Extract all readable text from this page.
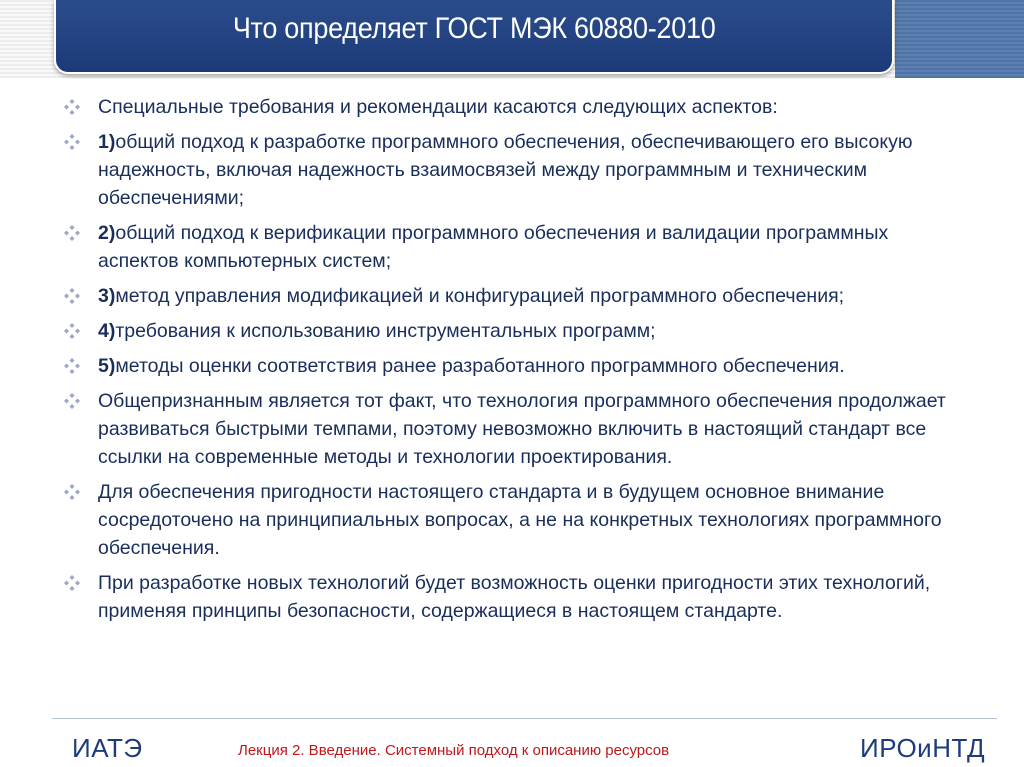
Что определяет ГОСТ МЭК 60880-2010
Специальные требования и рекомендации касаются следующих аспектов:
1)общий подход к разработке программного обеспечения, обеспечивающего его высокую надежность, включая надежность взаимосвязей между программным и техническим обеспечениями;
2)общий подход к верификации программного обеспечения и валидации программных аспектов компьютерных систем;
3)метод управления модификацией и конфигурацией программного обеспечения;
4)требования к использованию инструментальных программ;
5)методы оценки соответствия ранее разработанного программного обеспечения.
Общепризнанным является тот факт, что технология программного обеспечения продолжает развиваться быстрыми темпами, поэтому невозможно включить в настоящий стандарт все ссылки на современные методы и технологии проектирования.
Для обеспечения пригодности настоящего стандарта и в будущем основное внимание сосредоточено на принципиальных вопросах, а не на конкретных технологиях программного обеспечения.
При разработке новых технологий будет возможность оценки пригодности этих технологий, применяя принципы безопасности, содержащиеся в настоящем стандарте.
ИАТЭ	Лекция 2. Введение. Системный подход к описанию ресурсов	ИРОиНТД
